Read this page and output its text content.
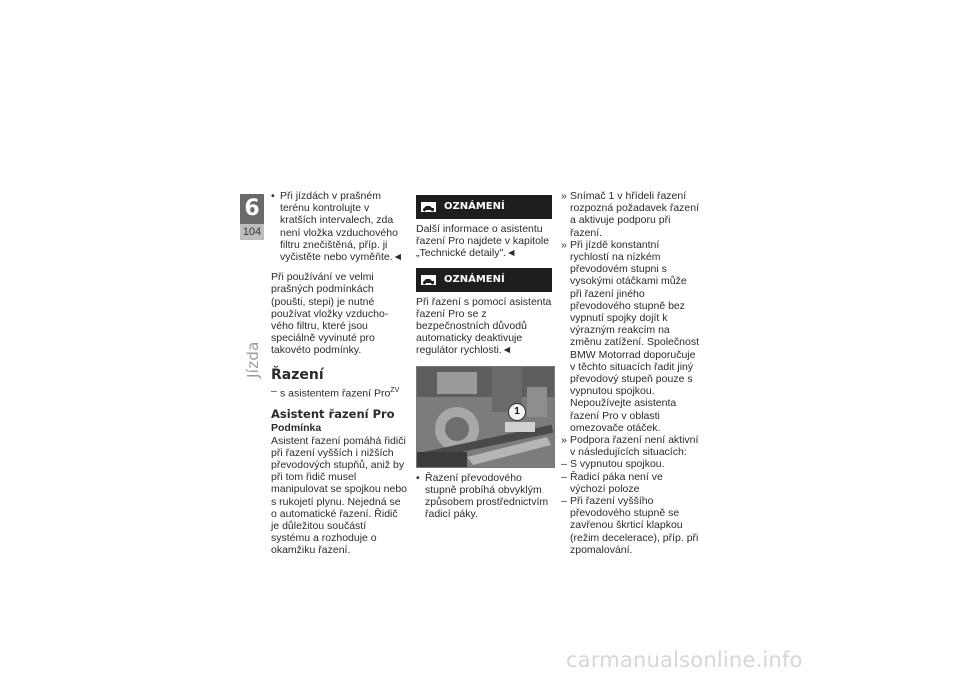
6
104
Jízda
• Při jízdách v prašném terénu kontrolujte v kratších intervalech, zda není vložka vzduchového filtru znečištěná, příp. ji vyčistěte nebo vyměňte.◄

Při používání ve velmi prašných podmínkách (poušti, stepi) je nutné používat vložky vzduchového filtru, které jsou speciálně vyvinuté pro takovéto podmínky.

Řazení
– s asistentem řazení Pro$^{ZV}$
Asistent řazení Pro
Podmínka

Asistent řazení pomáhá řidiči při řazení vyšších i nižších převodových stupňů, aniž by při tom řidič musel manipulovat se spojkou nebo s rukojetí plynu. Nejedná se o automatické řazení. Řidič je důležitou součástí systému a rozhoduje o okamžiku řazení.

OZNÁMENÍ

Další informace o asistentu řazení Pro najdete v kapitole „Technické detaily".◄

OZNÁMENÍ

Při řazení s pomocí asistenta řazení Pro se z bezpečnostních důvodů automaticky deaktivuje regulátor rychlosti.◄

1
• Řazení převodového stupně probíhá obvyklým způsobem prostřednictvím řadicí páky.
» Snímač 1 v hřídeli řazení rozpozná požadavek řazení a aktivuje podporu při řazení.
» Při jízdě konstantní rychlostí na nízkém převodovém stupni s vysokými otáčkami může při řazení jiného převodového stupně bez vypnutí spojky dojít k výrazným reakcím na změnu zatížení. Společnost BMW Motorrad doporučuje v těchto situacích řadit jiný převodový stupeň pouze s vypnutou spojkou. Nepoužívejte asistenta řazení Pro v oblasti omezovače otáček.
» Podpora řazení není aktivní v následujících situacích:
– S vypnutou spojkou.
– Řadicí páka není ve výchozí poloze
– Při řazení vyššího převodového stupně se zavřenou škrticí klapkou (režim decelerace), příp. při zpomalování.
carmanualsonline.info
